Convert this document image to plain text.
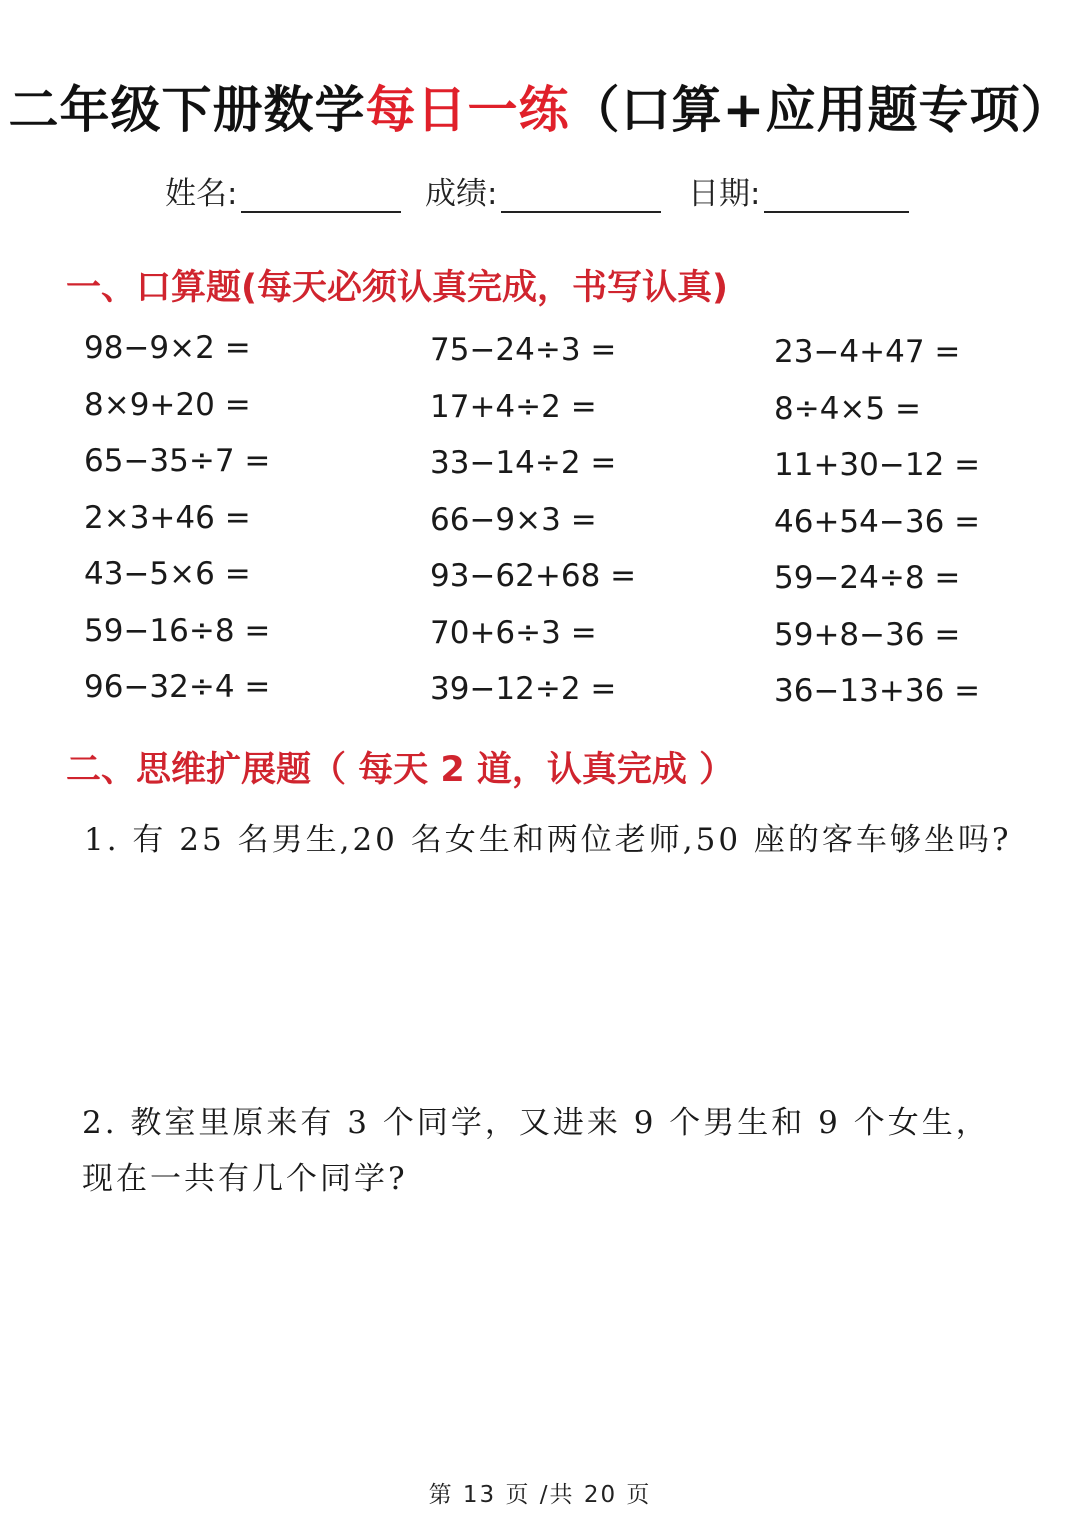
二年级下册数学每日一练（口算+应用题专项）
姓名:	成绩:	日期:
一、口算题(每天必须认真完成，书写认真)
98−9×2 =
8×9+20 =
65−35÷7 =
2×3+46 =
43−5×6 =
59−16÷8 =
96−32÷4 =
75−24÷3 =
17+4÷2 =
33−14÷2 =
66−9×3 =
93−62+68 =
70+6÷3 =
39−12÷2 =
23−4+47 =
8÷4×5 =
11+30−12 =
46+54−36 =
59−24÷8 =
59+8−36 =
36−13+36 =
二、思维扩展题（ 每天 2 道，认真完成 ）
1. 有 25 名男生,20 名女生和两位老师,50 座的客车够坐吗?
2. 教室里原来有 3 个同学，又进来 9 个男生和 9 个女生，现在一共有几个同学?
第 13 页 /共 20 页
